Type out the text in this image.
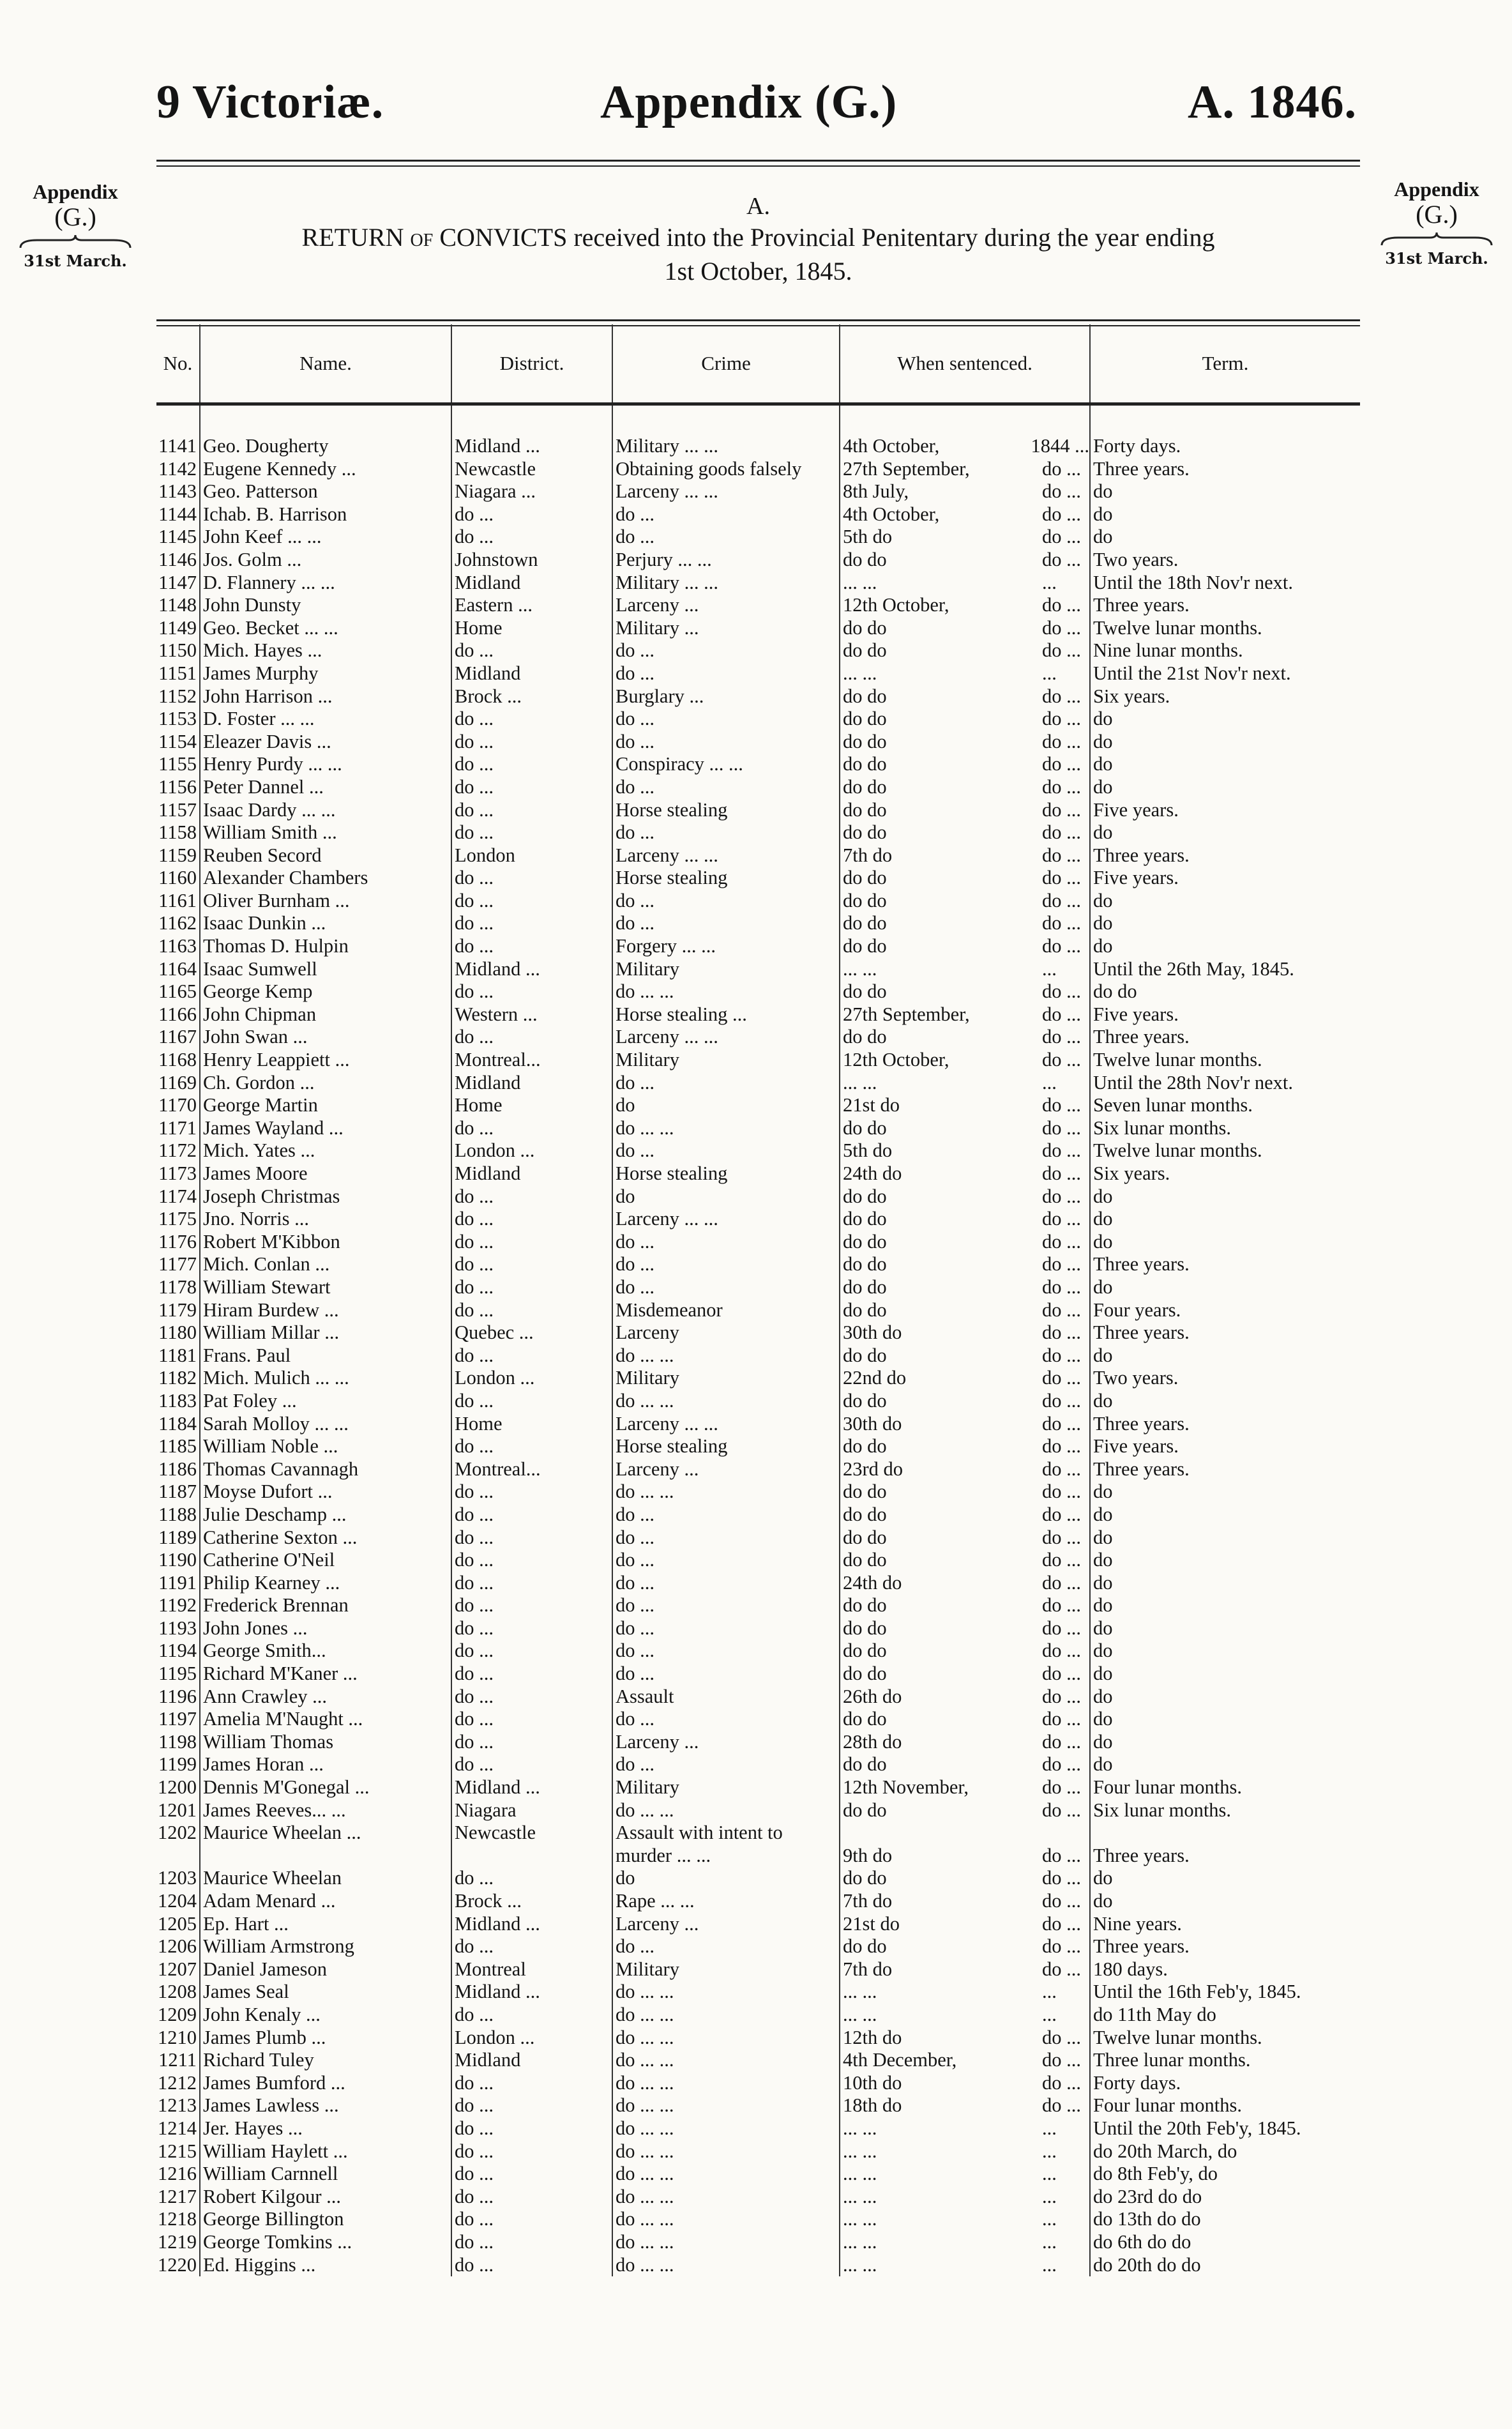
9 Victoriæ.	Appendix (G.)	A. 1846.
Appendix
(G.)
31st March.
Appendix
(G.)
31st March.
A.
RETURN OF CONVICTS received into the Provincial Penitentary during the year ending
1st October, 1845.
No.	Name.	District.	Crime	When sentenced.	Term.

1141	Geo. Dougherty	Midland ...	Military ... ...	4th October, 1844 ...	Forty days.
1142	Eugene Kennedy ...	Newcastle	Obtaining goods falsely	27th September, do ...	Three years.
1143	Geo. Patterson	Niagara ...	Larceny ... ...	8th July, do ...	do
1144	Ichab. B. Harrison	do ...	do ...	4th October, do ...	do
1145	John Keef ... ...	do ...	do ...	5th do do ...	do
1146	Jos. Golm ...	Johnstown	Perjury ... ...	do do do ...	Two years.
1147	D. Flannery ... ...	Midland	Military ... ...	... ... ...	Until the 18th Nov'r next.
1148	John Dunsty	Eastern ...	Larceny ...	12th October, do ...	Three years.
1149	Geo. Becket ... ...	Home	Military ...	do do do ...	Twelve lunar months.
1150	Mich. Hayes ...	do ...	do ...	do do do ...	Nine lunar months.
1151	James Murphy	Midland	do ...	... ... ...	Until the 21st Nov'r next.
1152	John Harrison ...	Brock ...	Burglary ...	do do do ...	Six years.
1153	D. Foster ... ...	do ...	do ...	do do do ...	do
1154	Eleazer Davis ...	do ...	do ...	do do do ...	do
1155	Henry Purdy ... ...	do ...	Conspiracy ... ...	do do do ...	do
1156	Peter Dannel ...	do ...	do ...	do do do ...	do
1157	Isaac Dardy ... ...	do ...	Horse stealing	do do do ...	Five years.
1158	William Smith ...	do ...	do ...	do do do ...	do
1159	Reuben Secord	London	Larceny ... ...	7th do do ...	Three years.
1160	Alexander Chambers	do ...	Horse stealing	do do do ...	Five years.
1161	Oliver Burnham ...	do ...	do ...	do do do ...	do
1162	Isaac Dunkin ...	do ...	do ...	do do do ...	do
1163	Thomas D. Hulpin	do ...	Forgery ... ...	do do do ...	do
1164	Isaac Sumwell	Midland ...	Military	... ... ...	Until the 26th May, 1845.
1165	George Kemp	do ...	do ... ...	do do do ...	do do
1166	John Chipman	Western ...	Horse stealing ...	27th September, do ...	Five years.
1167	John Swan ...	do ...	Larceny ... ...	do do do ...	Three years.
1168	Henry Leappiett ...	Montreal...	Military	12th October, do ...	Twelve lunar months.
1169	Ch. Gordon ...	Midland	do ...	... ... ...	Until the 28th Nov'r next.
1170	George Martin	Home	do	21st do do ...	Seven lunar months.
1171	James Wayland ...	do ...	do ... ...	do do do ...	Six lunar months.
1172	Mich. Yates ...	London ...	do ...	5th do do ...	Twelve lunar months.
1173	James Moore	Midland	Horse stealing	24th do do ...	Six years.
1174	Joseph Christmas	do ...	do	do do do ...	do
1175	Jno. Norris ...	do ...	Larceny ... ...	do do do ...	do
1176	Robert M'Kibbon	do ...	do ...	do do do ...	do
1177	Mich. Conlan ...	do ...	do ...	do do do ...	Three years.
1178	William Stewart	do ...	do ...	do do do ...	do
1179	Hiram Burdew ...	do ...	Misdemeanor	do do do ...	Four years.
1180	William Millar ...	Quebec ...	Larceny	30th do do ...	Three years.
1181	Frans. Paul	do ...	do ... ...	do do do ...	do
1182	Mich. Mulich ... ...	London ...	Military	22nd do do ...	Two years.
1183	Pat Foley ...	do ...	do ... ...	do do do ...	do
1184	Sarah Molloy ... ...	Home	Larceny ... ...	30th do do ...	Three years.
1185	William Noble ...	do ...	Horse stealing	do do do ...	Five years.
1186	Thomas Cavannagh	Montreal...	Larceny ...	23rd do do ...	Three years.
1187	Moyse Dufort ...	do ...	do ... ...	do do do ...	do
1188	Julie Deschamp ...	do ...	do ...	do do do ...	do
1189	Catherine Sexton ...	do ...	do ...	do do do ...	do
1190	Catherine O'Neil	do ...	do ...	do do do ...	do
1191	Philip Kearney ...	do ...	do ...	24th do do ...	do
1192	Frederick Brennan	do ...	do ...	do do do ...	do
1193	John Jones ...	do ...	do ...	do do do ...	do
1194	George Smith...	do ...	do ...	do do do ...	do
1195	Richard M'Kaner ...	do ...	do ...	do do do ...	do
1196	Ann Crawley ...	do ...	Assault	26th do do ...	do
1197	Amelia M'Naught ...	do ...	do ...	do do do ...	do
1198	William Thomas	do ...	Larceny ...	28th do do ...	do
1199	James Horan ...	do ...	do ...	do do do ...	do
1200	Dennis M'Gonegal ...	Midland ...	Military	12th November, do ...	Four lunar months.
1201	James Reeves... ...	Niagara	do ... ...	do do do ...	Six lunar months.
1202	Maurice Wheelan ...	Newcastle	Assault with intent to	

			murder ... ...	9th do do ...	Three years.
1203	Maurice Wheelan	do ...	do	do do do ...	do
1204	Adam Menard ...	Brock ...	Rape ... ...	7th do do ...	do
1205	Ep. Hart ...	Midland ...	Larceny ...	21st do do ...	Nine years.
1206	William Armstrong	do ...	do ...	do do do ...	Three years.
1207	Daniel Jameson	Montreal	Military	7th do do ...	180 days.
1208	James Seal	Midland ...	do ... ...	... ... ...	Until the 16th Feb'y, 1845.
1209	John Kenaly ...	do ...	do ... ...	... ... ...	do 11th May do
1210	James Plumb ...	London ...	do ... ...	12th do do ...	Twelve lunar months.
1211	Richard Tuley	Midland	do ... ...	4th December, do ...	Three lunar months.
1212	James Bumford ...	do ...	do ... ...	10th do do ...	Forty days.
1213	James Lawless ...	do ...	do ... ...	18th do do ...	Four lunar months.
1214	Jer. Hayes ...	do ...	do ... ...	... ... ...	Until the 20th Feb'y, 1845.
1215	William Haylett ...	do ...	do ... ...	... ... ...	do 20th March, do
1216	William Carnnell	do ...	do ... ...	... ... ...	do 8th Feb'y, do
1217	Robert Kilgour ...	do ...	do ... ...	... ... ...	do 23rd do do
1218	George Billington	do ...	do ... ...	... ... ...	do 13th do do
1219	George Tomkins ...	do ...	do ... ...	... ... ...	do 6th do do
1220	Ed. Higgins ...	do ...	do ... ...	... ... ...	do 20th do do
